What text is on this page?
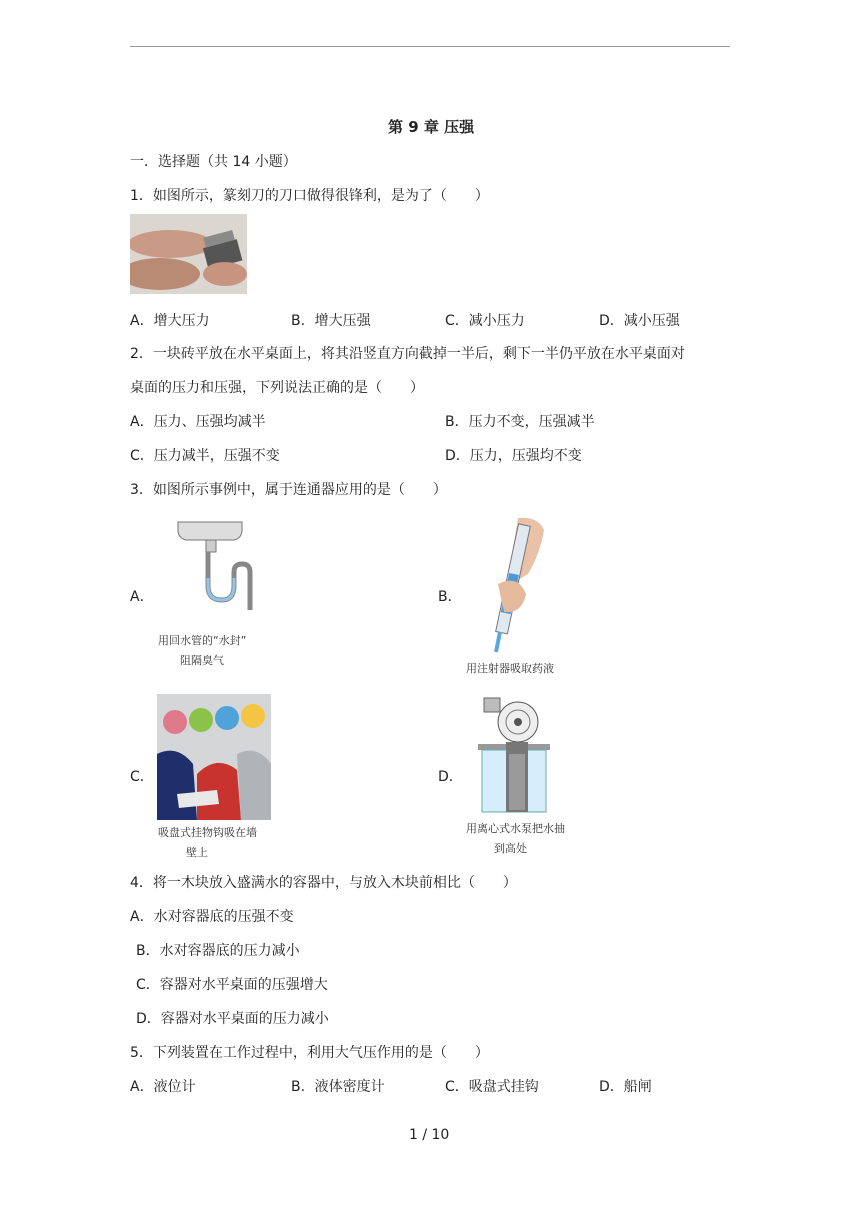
第 9 章 压强
一．选择题（共 14 小题）
1．如图所示，篆刻刀的刀口做得很锋利，是为了（　　）
A．增大压力	B．增大压强	C．减小压力	D．减小压强
2．一块砖平放在水平桌面上，将其沿竖直方向截掉一半后，剩下一半仍平放在水平桌面对
桌面的压力和压强，下列说法正确的是（　　）
A．压力、压强均减半	B．压力不变，压强减半
C．压力减半，压强不变	D．压力，压强均不变
3．如图所示事例中，属于连通器应用的是（　　）
A．
用回水管的“水封”
阻隔臭气
B．
用注射器吸取药液
C．
吸盘式挂物钩吸在墙
壁上
D．
用离心式水泵把水抽
到高处
4．将一木块放入盛满水的容器中，与放入木块前相比（　　）
A．水对容器底的压强不变
B．水对容器底的压力减小
C．容器对水平桌面的压强增大
D．容器对水平桌面的压力减小
5．下列装置在工作过程中，利用大气压作用的是（　　）
A．液位计	B．液体密度计	C．吸盘式挂钩	D．船闸
1 / 10
